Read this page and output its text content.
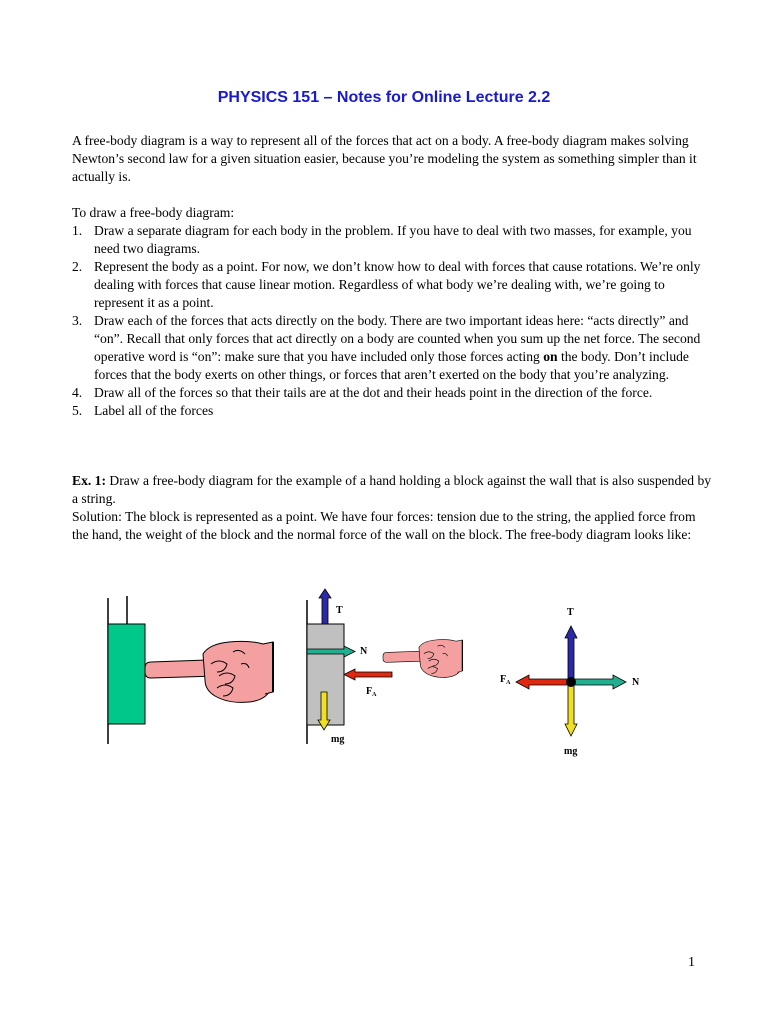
PHYSICS 151 – Notes for Online Lecture 2.2

A free-body diagram is a way to represent all of the forces that act on a body. A free-body diagram makes solving Newton’s second law for a given situation easier, because you’re modeling the system as something simpler than it actually is.

To draw a free-body diagram:

1. Draw a separate diagram for each body in the problem. If you have to deal with two masses, for example, you need two diagrams.
2. Represent the body as a point. For now, we don’t know how to deal with forces that cause rotations. We’re only dealing with forces that cause linear motion. Regardless of what body we’re dealing with, we’re going to represent it as a point.
3. Draw each of the forces that acts directly on the body. There are two important ideas here: “acts directly” and “on”. Recall that only forces that act directly on a body are counted when you sum up the net force. The second operative word is “on”: make sure that you have included only those forces acting on the body. Don’t include forces that the body exerts on other things, or forces that aren’t exerted on the body that you’re analyzing.
4. Draw all of the forces so that their tails are at the dot and their heads point in the direction of the force.
5. Label all of the forces

Ex. 1: Draw a free-body diagram for the example of a hand holding a block against the wall that is also suspended by a string.

Solution: The block is represented as a point. We have four forces: tension due to the string, the applied force from the hand, the weight of the block and the normal force of the wall on the block. The free-body diagram looks like:

T
N
$F_A$
mg
T
N
$F_A$
mg
1
